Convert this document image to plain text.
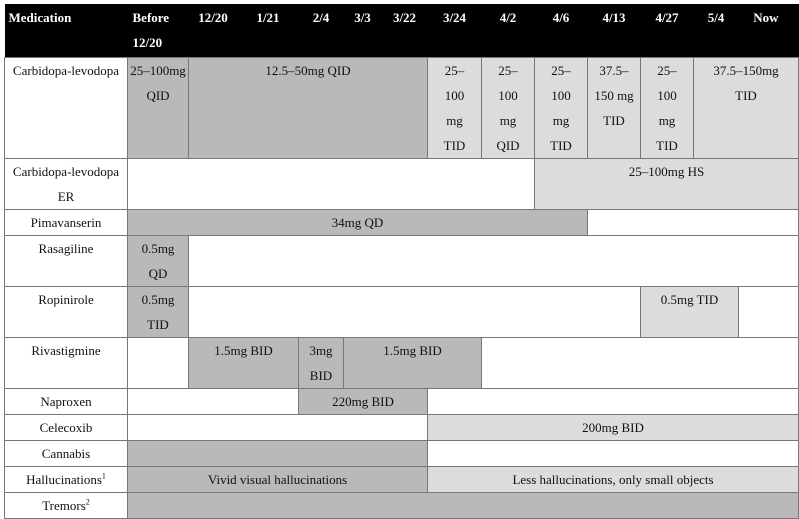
Medication	Before 12/20	12/20	1/21	2/4	3/3	3/22	3/24	4/2	4/6	4/13	4/27	5/4	Now
Carbidopa-levodopa	25–100mg QID	12.5–50mg QID					25–100 mg TID	25–100 mg QID	25–100 mg TID	37.5–150 mg TID	25–100 mg TID	37.5–150mg TID	
Carbidopa-levodopa ER									25–100mg HS				
Pimavanserin	34mg QD												
Rasagiline	0.5mg QD												
Ropinirole	0.5mg TID										0.5mg TID		
Rivastigmine		1.5mg BID		3mg BID	1.5mg BID								
Naproxen				220mg BID									
Celecoxib							200mg BID						
Cannabis													
Hallucinations$^1$	Vivid visual hallucinations						Less hallucinations, only small objects						
Tremors$^2$	
